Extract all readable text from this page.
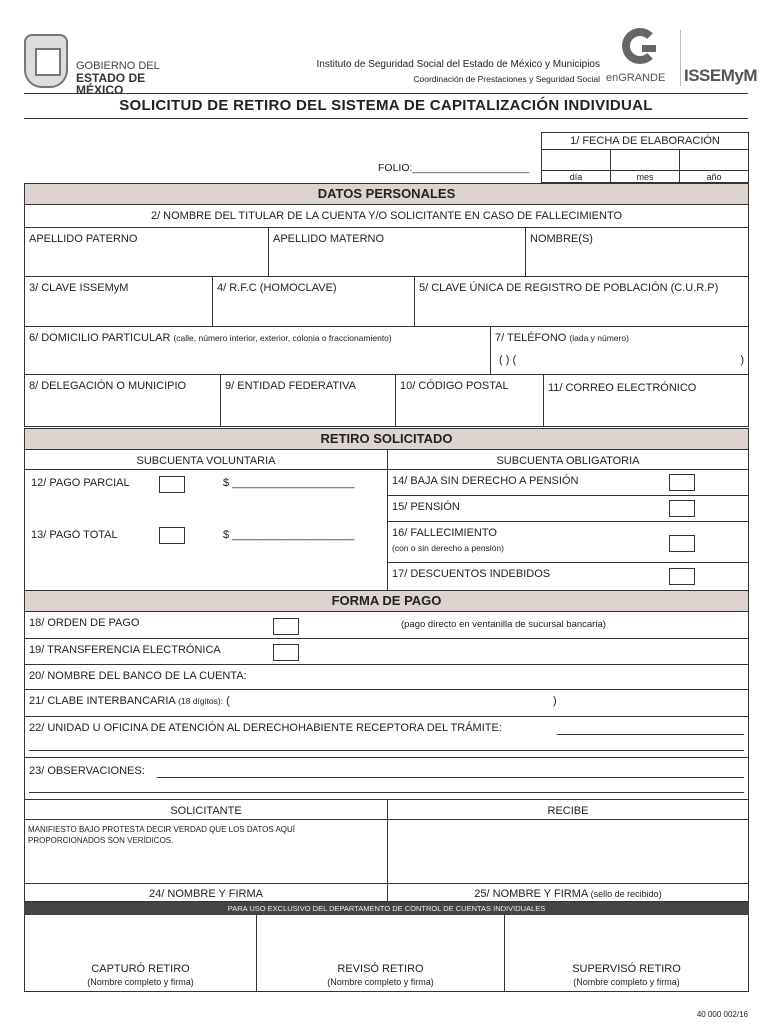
GOBIERNO DEL
ESTADO DE MÉXICO
Instituto de Seguridad Social del Estado de México y Municipios
Coordinación de Prestaciones y Seguridad Social enGRANDE ISSEMyM
SOLICITUD DE RETIRO DEL SISTEMA DE CAPITALIZACIÓN INDIVIDUAL
FOLIO:____________________
1/ FECHA DE ELABORACIÓN
día	mes	año
DATOS PERSONALES
2/ NOMBRE DEL TITULAR DE LA CUENTA Y/O SOLICITANTE EN CASO DE FALLECIMIENTO
APELLIDO PATERNO	APELLIDO MATERNO	NOMBRE(S)
3/ CLAVE ISSEMyM	4/ R.F.C (HOMOCLAVE)	5/ CLAVE ÚNICA DE REGISTRO DE POBLACIÓN (C.U.R.P)
6/ DOMICILIO PARTICULAR (calle, número interior, exterior, colonia o fraccionamiento)	7/ TELÉFONO (lada y número)
( ) (	)
8/ DELEGACIÓN O MUNICIPIO	9/ ENTIDAD FEDERATIVA	10/ CÓDIGO POSTAL	11/ CORREO ELECTRÓNICO
RETIRO SOLICITADO
SUBCUENTA VOLUNTARIA	SUBCUENTA OBLIGATORIA
12/ PAGO PARCIAL	$ ____________________
13/ PAGO TOTAL	$ ____________________
14/ BAJA SIN DERECHO A PENSIÓN
15/ PENSIÓN
16/ FALLECIMIENTO
(con o sin derecho a pensión)
17/ DESCUENTOS INDEBIDOS
FORMA DE PAGO
18/ ORDEN DE PAGO	(pago directo en ventanilla de sucursal bancaria)
19/ TRANSFERENCIA ELECTRÓNICA
20/ NOMBRE DEL BANCO DE LA CUENTA:
21/ CLABE INTERBANCARIA (18 dígitos): (	)
22/ UNIDAD U OFICINA DE ATENCIÓN AL DERECHOHABIENTE RECEPTORA DEL TRÁMITE:
23/ OBSERVACIONES:
SOLICITANTE	RECIBE
MANIFIESTO BAJO PROTESTA DECIR VERDAD QUE LOS DATOS AQUÍ PROPORCIONADOS SON VERÍDICOS.
24/ NOMBRE Y FIRMA	25/ NOMBRE Y FIRMA (sello de recibido)
PARA USO EXCLUSIVO DEL DEPARTAMENTO DE CONTROL DE CUENTAS INDIVIDUALES
CAPTURÓ RETIRO
(Nombre completo y firma)
REVISÓ RETIRO
(Nombre completo y firma)
SUPERVISÓ RETIRO
(Nombre completo y firma)
40 000 002/16
